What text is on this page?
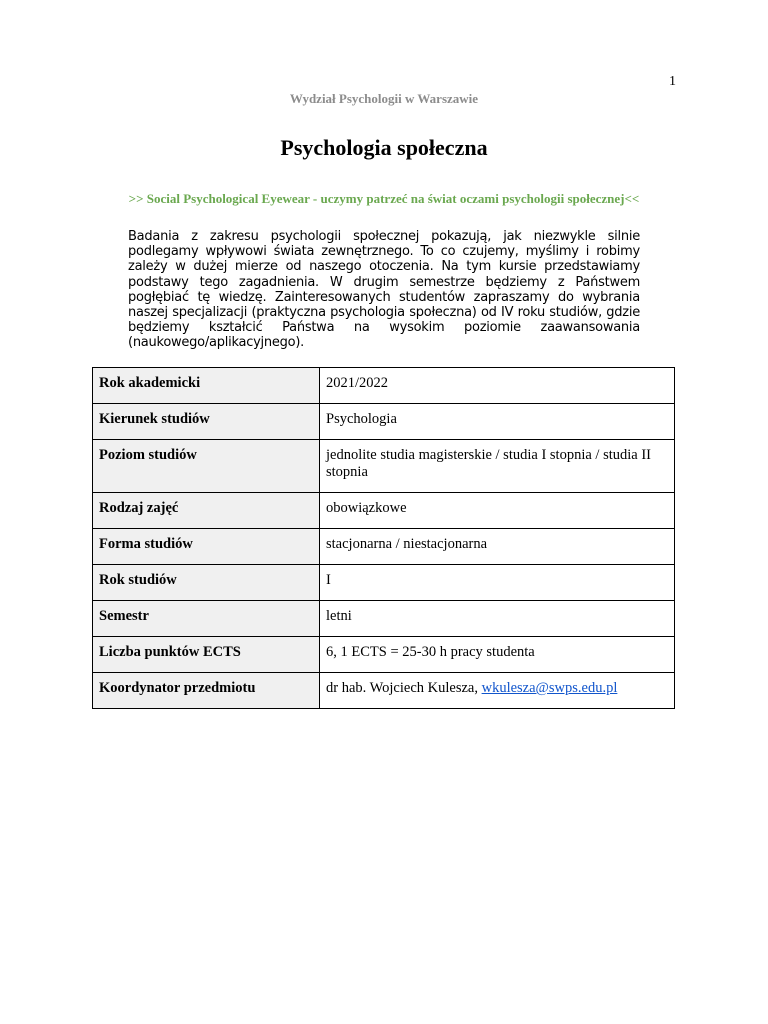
1
Wydział Psychologii w Warszawie
Psychologia społeczna
>> Social Psychological Eyewear - uczymy patrzeć na świat oczami psychologii społecznej<<

Badania z zakresu psychologii społecznej pokazują, jak niezwykle silnie podlegamy wpływowi świata zewnętrznego. To co czujemy, myślimy i robimy zależy w dużej mierze od naszego otoczenia. Na tym kursie przedstawiamy podstawy tego zagadnienia. W drugim semestrze będziemy z Państwem pogłębiać tę wiedzę. Zainteresowanych studentów zapraszamy do wybrania naszej specjalizacji (praktyczna psychologia społeczna) od IV roku studiów, gdzie będziemy kształcić Państwa na wysokim poziomie zaawansowania (naukowego/aplikacyjnego).

Rok akademicki	2021/2022
Kierunek studiów	Psychologia
Poziom studiów	jednolite studia magisterskie / studia I stopnia / studia II stopnia
Rodzaj zajęć	obowiązkowe
Forma studiów	stacjonarna / niestacjonarna
Rok studiów	I
Semestr	letni
Liczba punktów ECTS	6, 1 ECTS = 25-30 h pracy studenta
Koordynator przedmiotu	dr hab. Wojciech Kulesza, wkulesza@swps.edu.pl
